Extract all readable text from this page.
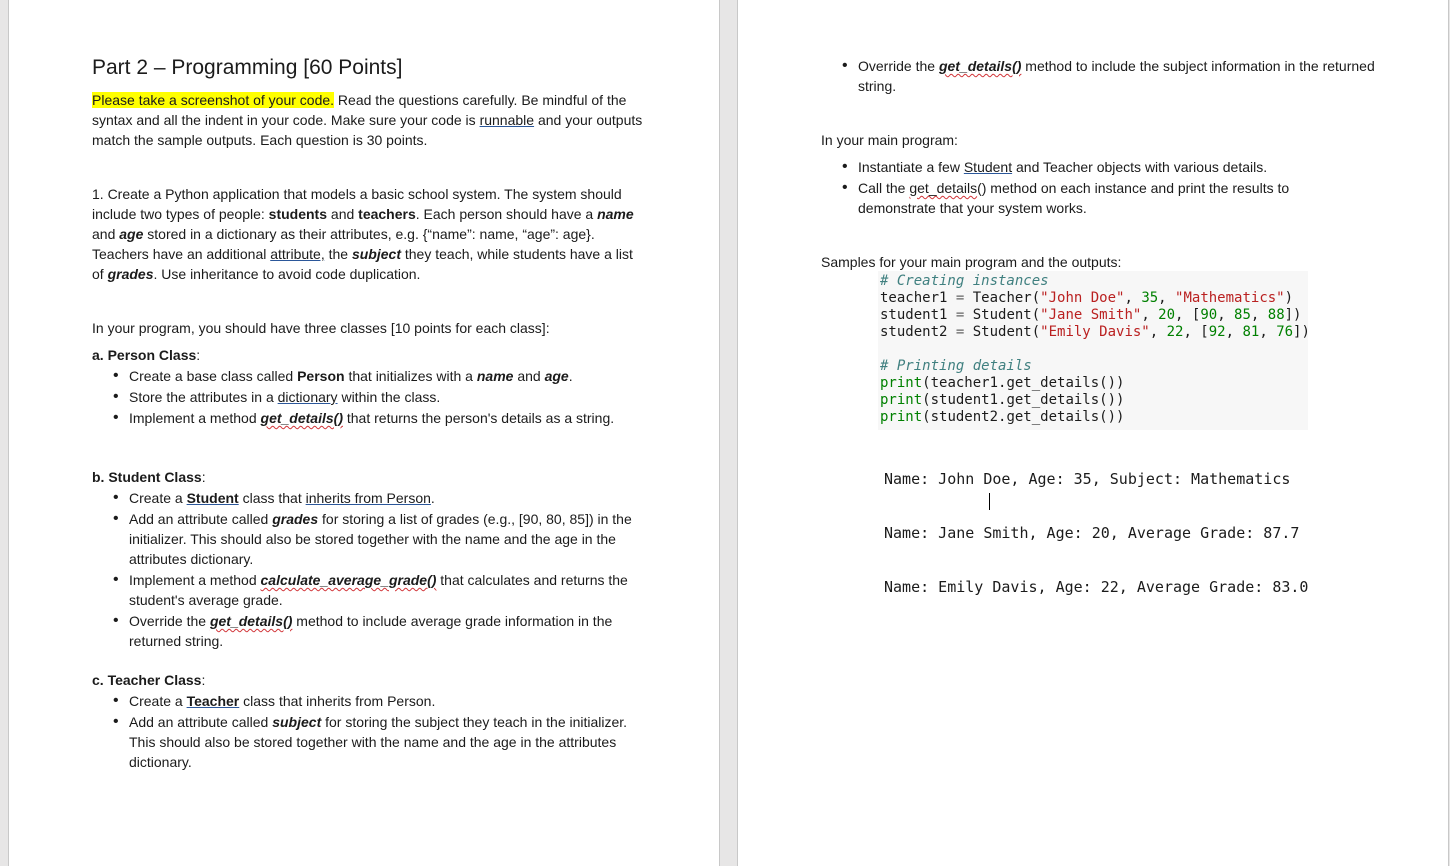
Part 2 – Programming [60 Points]
Please take a screenshot of your code. Read the questions carefully. Be mindful of the syntax and all the indent in your code. Make sure your code is runnable and your outputs match the sample outputs. Each question is 30 points.
1. Create a Python application that models a basic school system. The system should include two types of people: students and teachers. Each person should have a name and age stored in a dictionary as their attributes, e.g. {“name”: name, “age”: age}. Teachers have an additional attribute, the subject they teach, while students have a list of grades. Use inheritance to avoid code duplication.
In your program, you should have three classes [10 points for each class]:
a. Person Class:
• Create a base class called Person that initializes with a name and age.
• Store the attributes in a dictionary within the class.
• Implement a method get_details() that returns the person's details as a string.
b. Student Class:
• Create a Student class that inherits from Person.
• Add an attribute called grades for storing a list of grades (e.g., [90, 80, 85]) in the initializer. This should also be stored together with the name and the age in the attributes dictionary.
• Implement a method calculate_average_grade() that calculates and returns the student's average grade.
• Override the get_details() method to include average grade information in the returned string.
c. Teacher Class:
• Create a Teacher class that inherits from Person.
• Add an attribute called subject for storing the subject they teach in the initializer. This should also be stored together with the name and the age in the attributes dictionary.
• Override the get_details() method to include the subject information in the returned string.
In your main program:
• Instantiate a few Student and Teacher objects with various details.
• Call the get_details() method on each instance and print the results to demonstrate that your system works.
Samples for your main program and the outputs:
# Creating instances
teacher1 = Teacher("John Doe", 35, "Mathematics")
student1 = Student("Jane Smith", 20, [90, 85, 88])
student2 = Student("Emily Davis", 22, [92, 81, 76])

# Printing details
print(teacher1.get_details())
print(student1.get_details())
print(student2.get_details())

Name: John Doe, Age: 35, Subject: Mathematics

Name: Jane Smith, Age: 20, Average Grade: 87.7

Name: Emily Davis, Age: 22, Average Grade: 83.0
